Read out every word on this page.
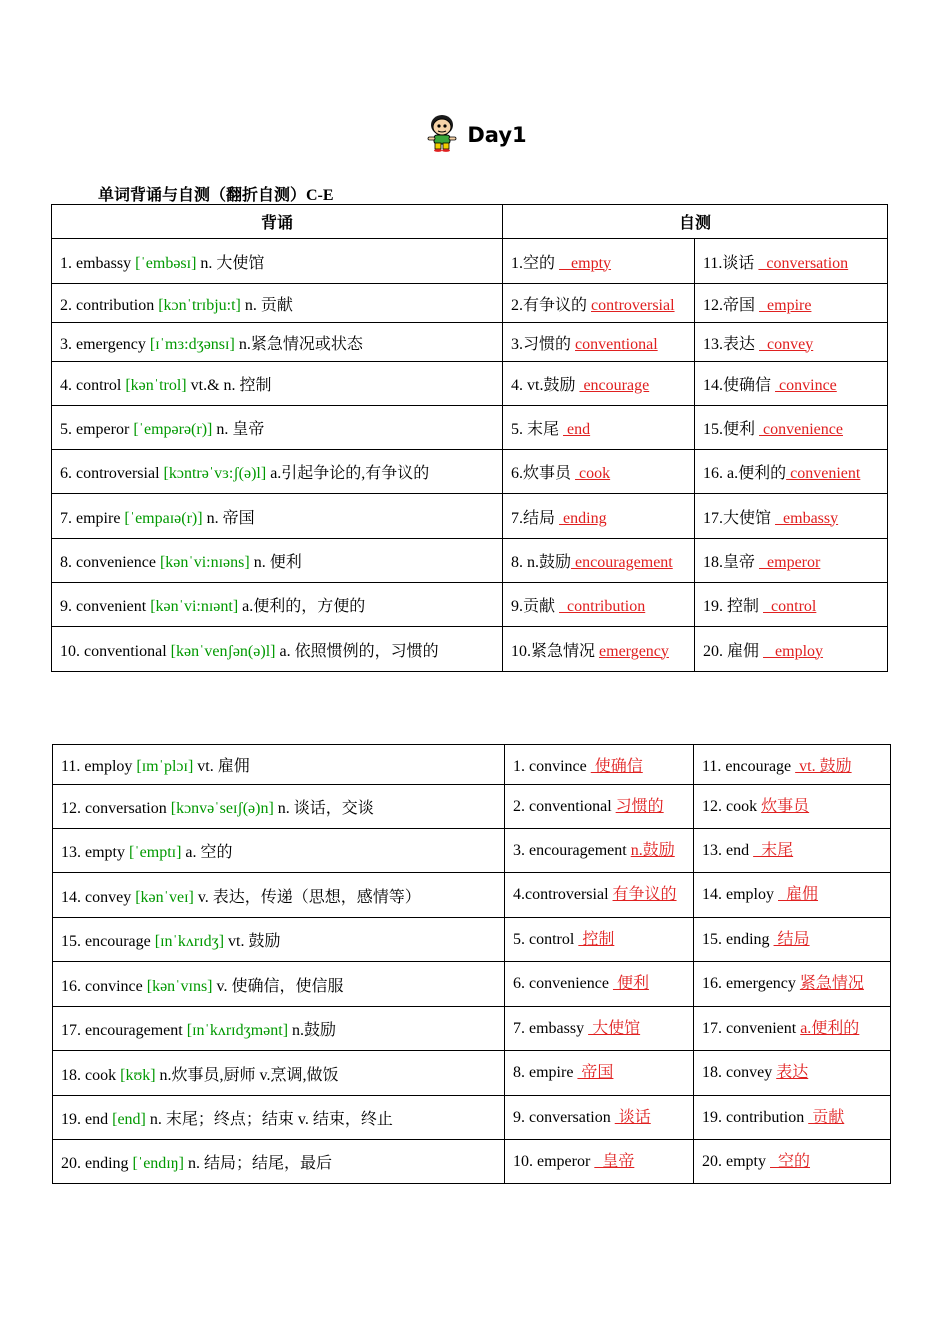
Day1
单词背诵与自测（翻折自测）C-E
背诵	自测	
1. embassy [ˈembəsɪ] n. 大使馆	1.空的    empty	11.谈话   conversation
2. contribution [kɔnˈtrɪbju:t] n. 贡献	2.有争议的 controversial	12.帝国   empire
3. emergency [ɪˈmɜ:dʒənsɪ] n.紧急情况或状态	3.习惯的 conventional	13.表达   convey
4. control [kənˈtrol] vt.& n. 控制	4. vt.鼓励  encourage	14.使确信  convince
5. emperor [ˈempərə(r)] n. 皇帝	5. 末尾  end	15.便利  convenience
6. controversial [kɔntrəˈvɜ:ʃ(ə)l] a.引起争论的,有争议的	6.炊事员  cook	16. a.便利的 convenient
7. empire [ˈempaɪə(r)] n. 帝国	7.结局  ending	17.大使馆   embassy
8. convenience [kənˈvi:nɪəns] n. 便利	8. n.鼓励 encouragement	18.皇帝   emperor
9. convenient [kənˈvi:nɪənt] a.便利的，方便的	9.贡献   contribution	19. 控制   control
10. conventional [kənˈvenʃən(ə)l] a. 依照惯例的，习惯的	10.紧急情况 emergency	20. 雇佣    employ
11. employ [ɪmˈplɔɪ] vt. 雇佣	1. convince  使确信	11. encourage  vt. 鼓励
12. conversation [kɔnvəˈseɪʃ(ə)n] n. 谈话，交谈	2. conventional 习惯的	12. cook 炊事员
13. empty [ˈemptɪ] a. 空的	3. encouragement n.鼓励	13. end   末尾
14. convey [kənˈveɪ] v. 表达，传递（思想，感情等）	4.controversial 有争议的	14. employ   雇佣
15. encourage [ɪnˈkʌrɪdʒ] vt. 鼓励	5. control  控制	15. ending  结局
16. convince [kənˈvɪns] v. 使确信，使信服	6. convenience  便利	16. emergency 紧急情况
17. encouragement [ɪnˈkʌrɪdʒmənt] n.鼓励	7. embassy  大使馆	17. convenient a.便利的
18. cook [kʊk] n.炊事员,厨师 v.烹调,做饭	8. empire  帝国	18. convey 表达
19. end [end] n. 末尾；终点；结束 v. 结束，终止	9. conversation  谈话	19. contribution  贡献
20. ending [ˈendɪŋ] n. 结局；结尾，最后	10. emperor   皇帝	20. empty   空的
